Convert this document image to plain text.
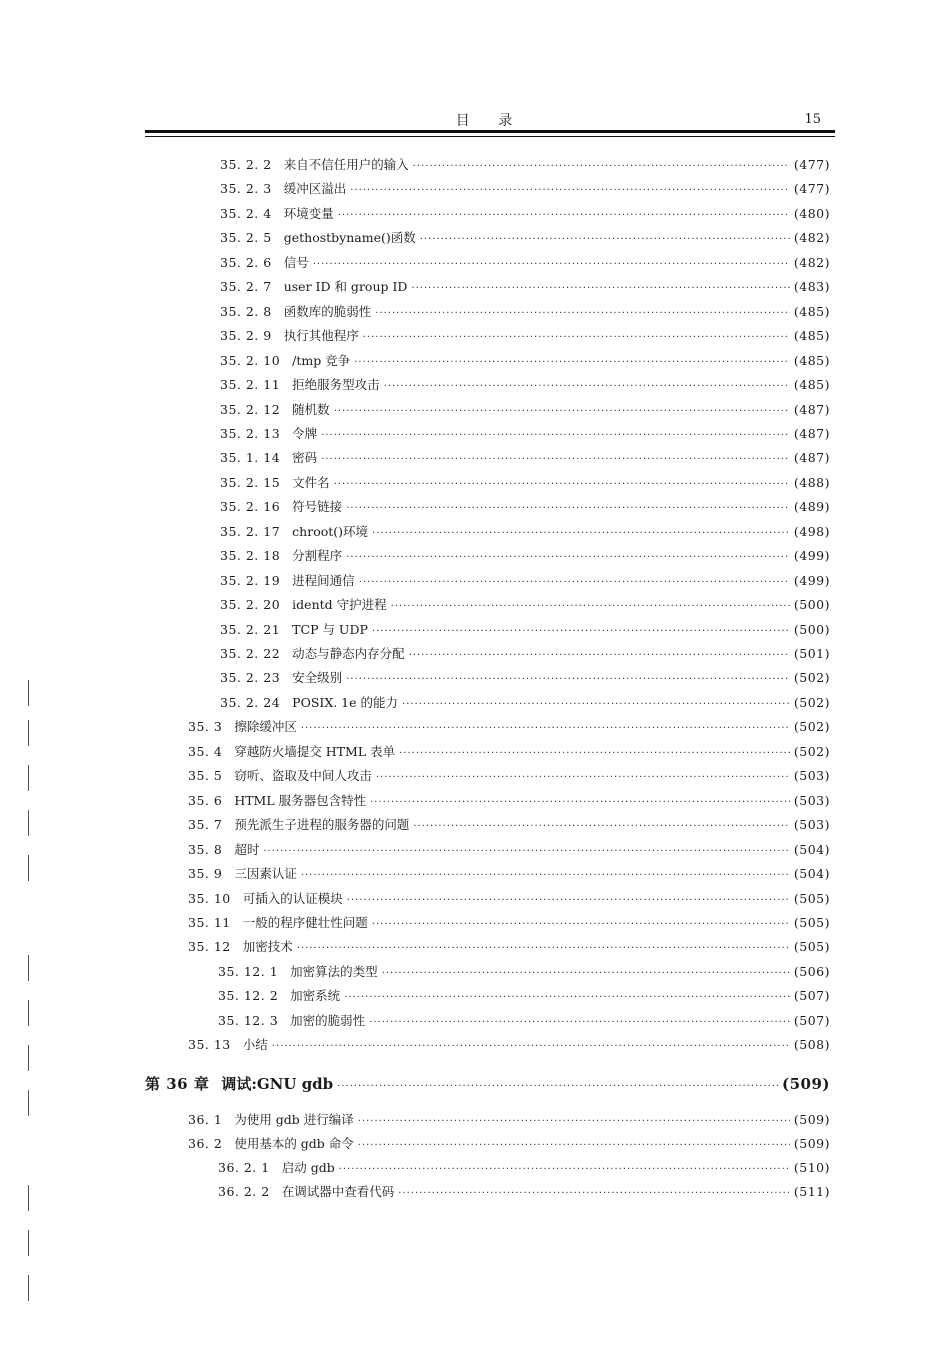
目 录	15
35. 2. 2 来自不信任用户的输入 ·····	(477)
35. 2. 3 缓冲区溢出 ·····	(477)
35. 2. 4 环境变量 ·····	(480)
35. 2. 5 gethostbyname()函数 ·····	(482)
35. 2. 6 信号 ·····	(482)
35. 2. 7 user ID 和 group ID ·····	(483)
35. 2. 8 函数库的脆弱性 ·····	(485)
35. 2. 9 执行其他程序 ·····	(485)
35. 2. 10 /tmp 竞争 ·····	(485)
35. 2. 11 拒绝服务型攻击 ·····	(485)
35. 2. 12 随机数 ·····	(487)
35. 2. 13 令牌 ·····	(487)
35. 1. 14 密码 ·····	(487)
35. 2. 15 文件名 ·····	(488)
35. 2. 16 符号链接 ·····	(489)
35. 2. 17 chroot()环境 ·····	(498)
35. 2. 18 分割程序 ·····	(499)
35. 2. 19 进程间通信 ·····	(499)
35. 2. 20 identd 守护进程 ·····	(500)
35. 2. 21 TCP 与 UDP ·····	(500)
35. 2. 22 动态与静态内存分配 ·····	(501)
35. 2. 23 安全级别 ·····	(502)
35. 2. 24 POSIX. 1e 的能力 ·····	(502)
35. 3 擦除缓冲区 ·····	(502)
35. 4 穿越防火墙提交 HTML 表单 ·····	(502)
35. 5 窃听、盗取及中间人攻击 ·····	(503)
35. 6 HTML 服务器包含特性 ·····	(503)
35. 7 预先派生子进程的服务器的问题 ·····	(503)
35. 8 超时 ·····	(504)
35. 9 三因素认证 ·····	(504)
35. 10 可插入的认证模块 ·····	(505)
35. 11 一般的程序健壮性问题 ·····	(505)
35. 12 加密技术 ·····	(505)
35. 12. 1 加密算法的类型 ·····	(506)
35. 12. 2 加密系统 ·····	(507)
35. 12. 3 加密的脆弱性 ·····	(507)
35. 13 小结 ·····	(508)
第 36 章 调试:GNU gdb ·····	(509)
36. 1 为使用 gdb 进行编译 ·····	(509)
36. 2 使用基本的 gdb 命令 ·····	(509)
36. 2. 1 启动 gdb ·····	(510)
36. 2. 2 在调试器中查看代码 ·····	(511)
